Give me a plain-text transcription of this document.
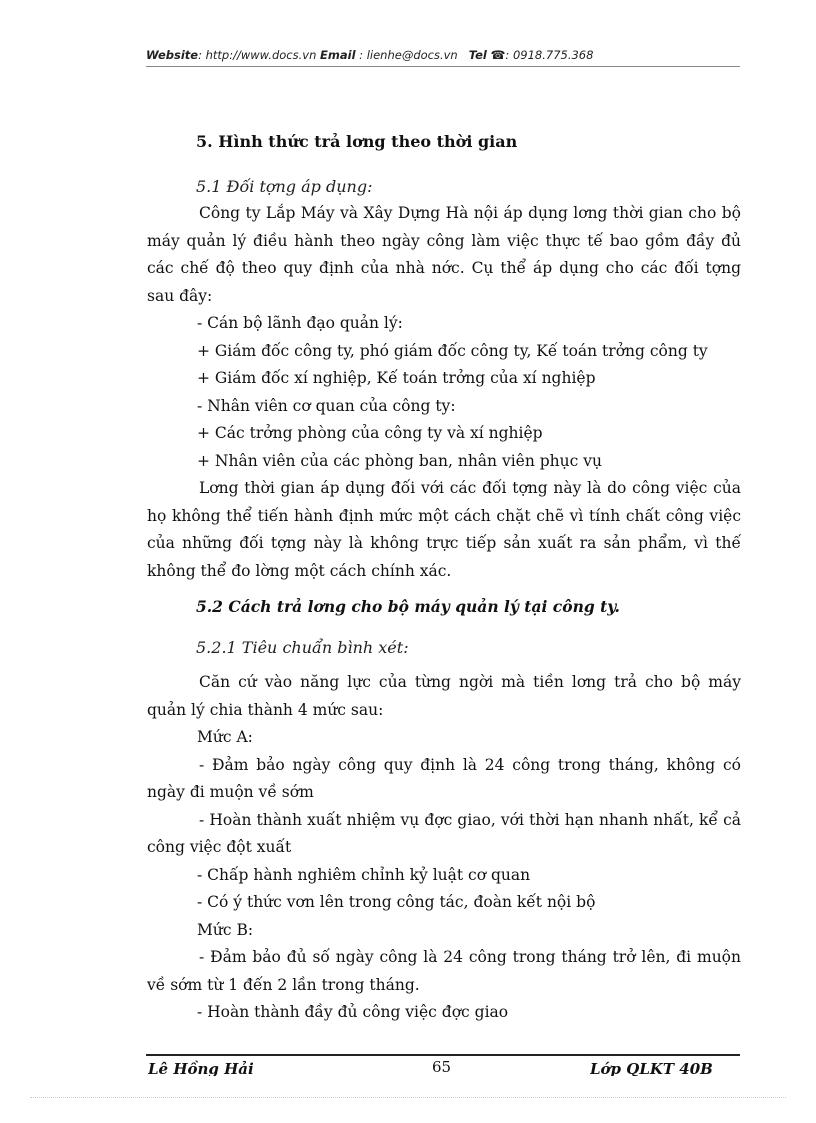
Website: http://www.docs.vn Email : lienhe@docs.vn Tel ☎: 0918.775.368
5. Hình thức trả lơng theo thời gian
5.1 Đối tợng áp dụng:
Công ty Lắp Máy và Xây Dựng Hà nội áp dụng lơng thời gian cho bộ máy quản lý điều hành theo ngày công làm việc thực tế bao gồm đầy đủ các chế độ theo quy định của nhà nớc. Cụ thể áp dụng cho các đối tợng sau đây:
- Cán bộ lãnh đạo quản lý:
+ Giám đốc công ty, phó giám đốc công ty, Kế toán trởng công ty
+ Giám đốc xí nghiệp, Kế toán trởng của xí nghiệp
- Nhân viên cơ quan của công ty:
+ Các trởng phòng của công ty và xí nghiệp
+ Nhân viên của các phòng ban, nhân viên phục vụ
Lơng thời gian áp dụng đối với các đối tợng này là do công việc của họ không thể tiến hành định mức một cách chặt chẽ vì tính chất công việc của những đối tợng này là không trực tiếp sản xuất ra sản phẩm, vì thế không thể đo lờng một cách chính xác.
5.2 Cách trả lơng cho bộ máy quản lý tại công ty.
5.2.1 Tiêu chuẩn bình xét:
Căn cứ vào năng lực của từng ngời mà tiền lơng trả cho bộ máy quản lý chia thành 4 mức sau:
Mức A:
- Đảm bảo ngày công quy định là 24 công trong tháng, không có ngày đi muộn về sớm
- Hoàn thành xuất nhiệm vụ đợc giao, với thời hạn nhanh nhất, kể cả công việc đột xuất
- Chấp hành nghiêm chỉnh kỷ luật cơ quan
- Có ý thức vơn lên trong công tác, đoàn kết nội bộ
Mức B:
- Đảm bảo đủ số ngày công là 24 công trong tháng trở lên, đi muộn về sớm từ 1 đến 2 lần trong tháng.
- Hoàn thành đầy đủ công việc đợc giao
Lê Hồng Hải	65	Lớp QLKT 40B
